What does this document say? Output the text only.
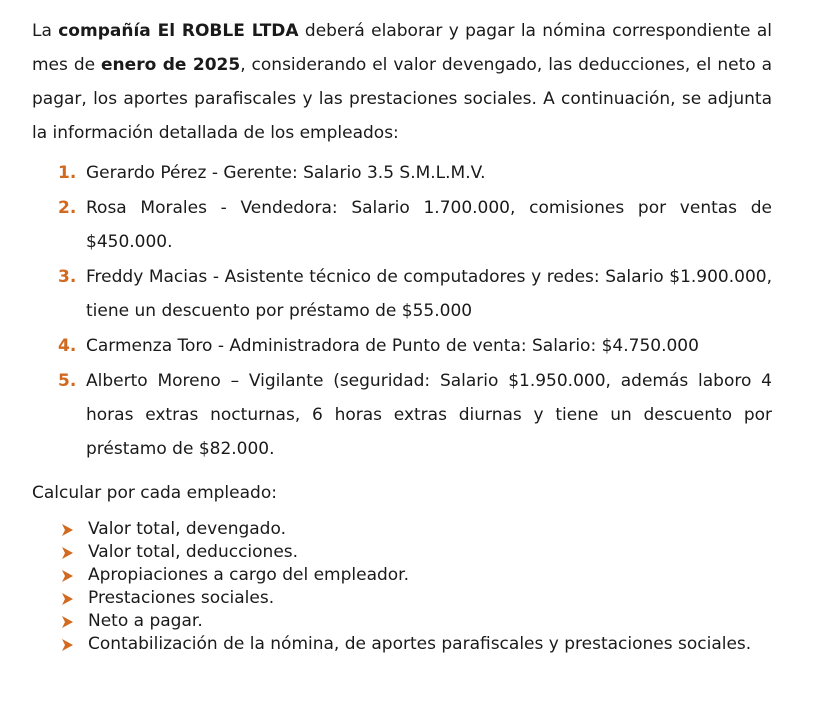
La compañía El ROBLE LTDA deberá elaborar y pagar la nómina correspondiente al mes de enero de 2025, considerando el valor devengado, las deducciones, el neto a pagar, los aportes parafiscales y las prestaciones sociales. A continuación, se adjunta la información detallada de los empleados:

1. Gerardo Pérez - Gerente: Salario 3.5 S.M.L.M.V.
2. Rosa Morales - Vendedora: Salario 1.700.000, comisiones por ventas de $450.000.
3. Freddy Macias - Asistente técnico de computadores y redes: Salario $1.900.000, tiene un descuento por préstamo de $55.000
4. Carmenza Toro - Administradora de Punto de venta: Salario: $4.750.000
5. Alberto Moreno – Vigilante (seguridad: Salario $1.950.000, además laboro 4 horas extras nocturnas, 6 horas extras diurnas y tiene un descuento por préstamo de $82.000.

Calcular por cada empleado:

Valor total, devengado.
Valor total, deducciones.
Apropiaciones a cargo del empleador.
Prestaciones sociales.
Neto a pagar.
Contabilización de la nómina, de aportes parafiscales y prestaciones sociales.
